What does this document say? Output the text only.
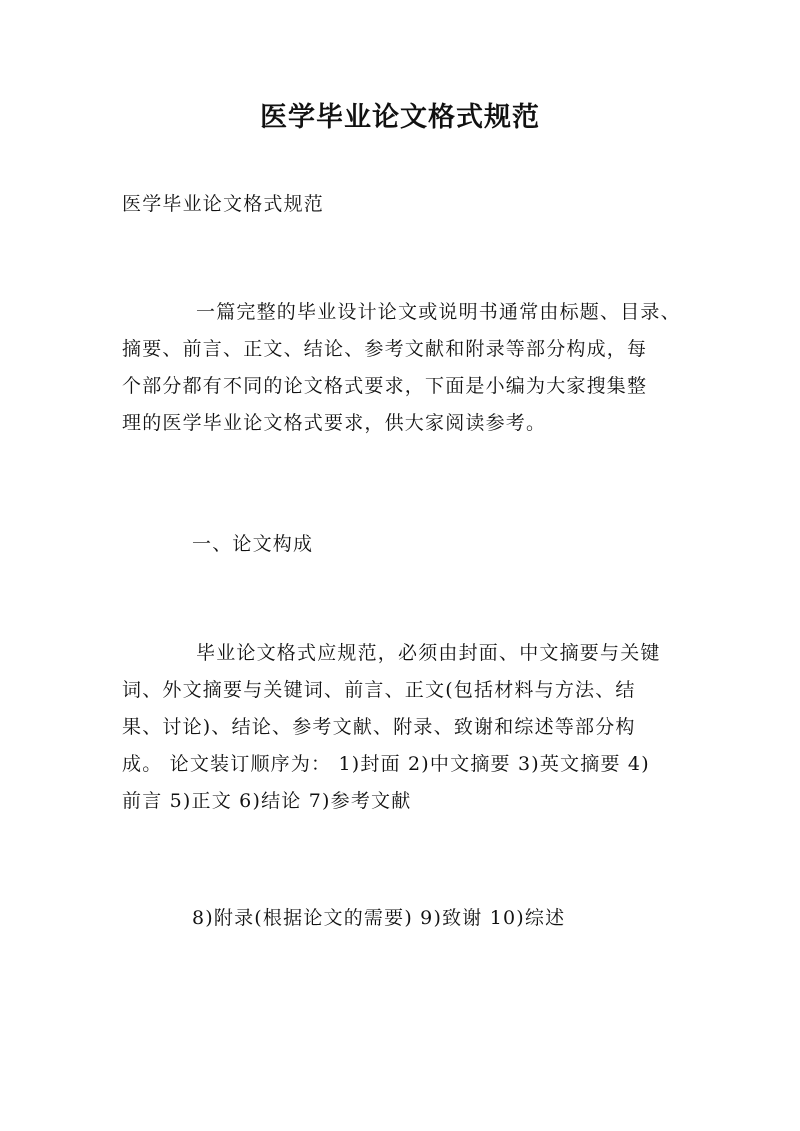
医学毕业论文格式规范
医学毕业论文格式规范
一篇完整的毕业设计论文或说明书通常由标题、目录、
摘要、前言、正文、结论、参考文献和附录等部分构成，每
个部分都有不同的论文格式要求，下面是小编为大家搜集整
理的医学毕业论文格式要求，供大家阅读参考。
一、论文构成
毕业论文格式应规范，必须由封面、中文摘要与关键
词、外文摘要与关键词、前言、正文(包括材料与方法、结
果、讨论)、结论、参考文献、附录、致谢和综述等部分构
成。 论文装订顺序为： 1)封面 2)中文摘要 3)英文摘要 4)
前言 5)正文 6)结论 7)参考文献
8)附录(根据论文的需要) 9)致谢 10)综述
